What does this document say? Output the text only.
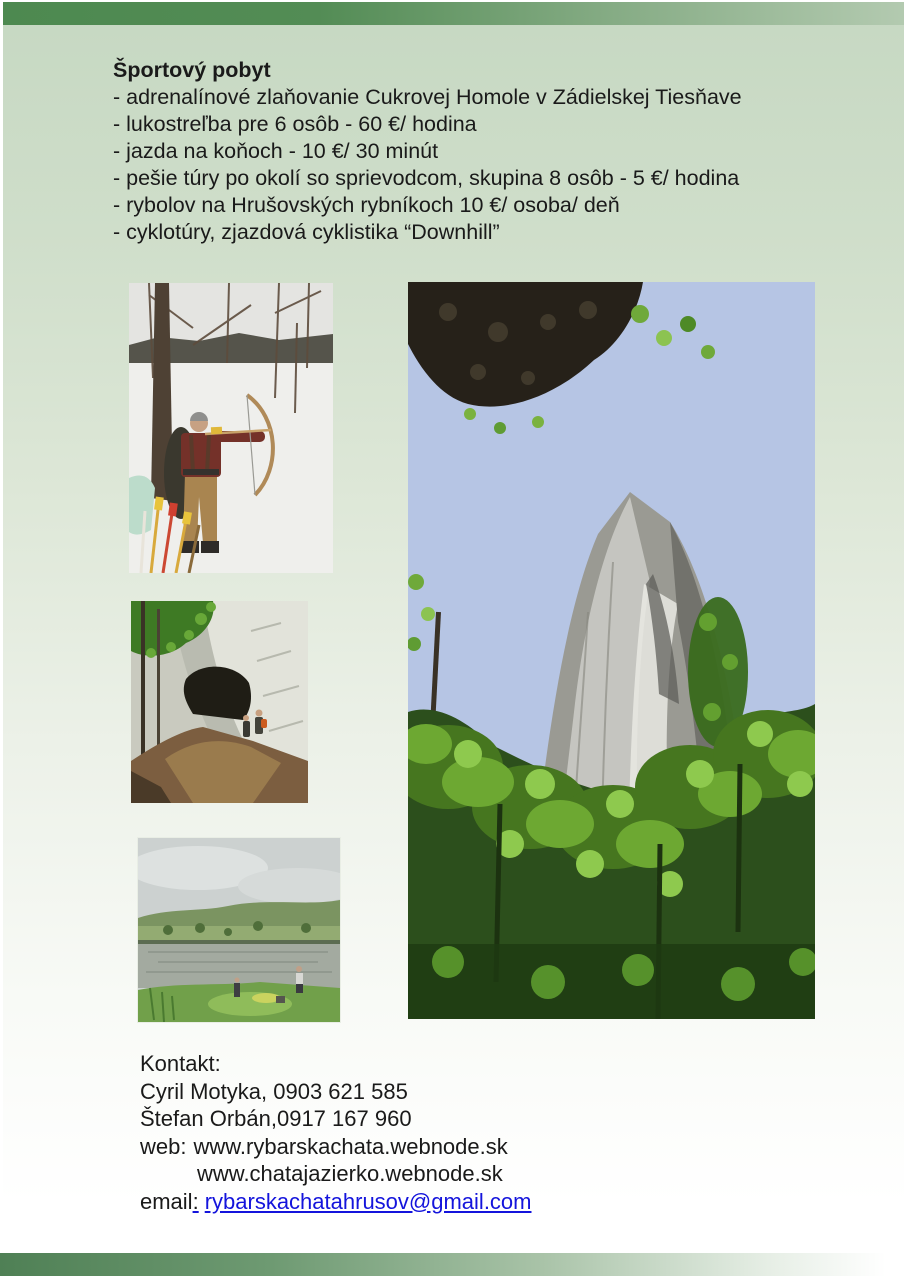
Športový pobyt
- adrenalínové zlaňovanie Cukrovej Homole v Zádielskej Tiesňave
- lukostreľba pre 6 osôb - 60 €/ hodina
- jazda na koňoch - 10 €/ 30 minút
- pešie túry po okolí so sprievodcom, skupina 8 osôb - 5 €/ hodina
- rybolov na Hrušovských rybníkoch 10 €/ osoba/ deň
- cyklotúry, zjazdová cyklistika “Downhill”
Kontakt:
Cyril Motyka, 0903 621 585
Štefan Orbán,0917 167 960
web: www.rybarskachata.webnode.sk
www.chatajazierko.webnode.sk
email: rybarskachatahrusov@gmail.com
